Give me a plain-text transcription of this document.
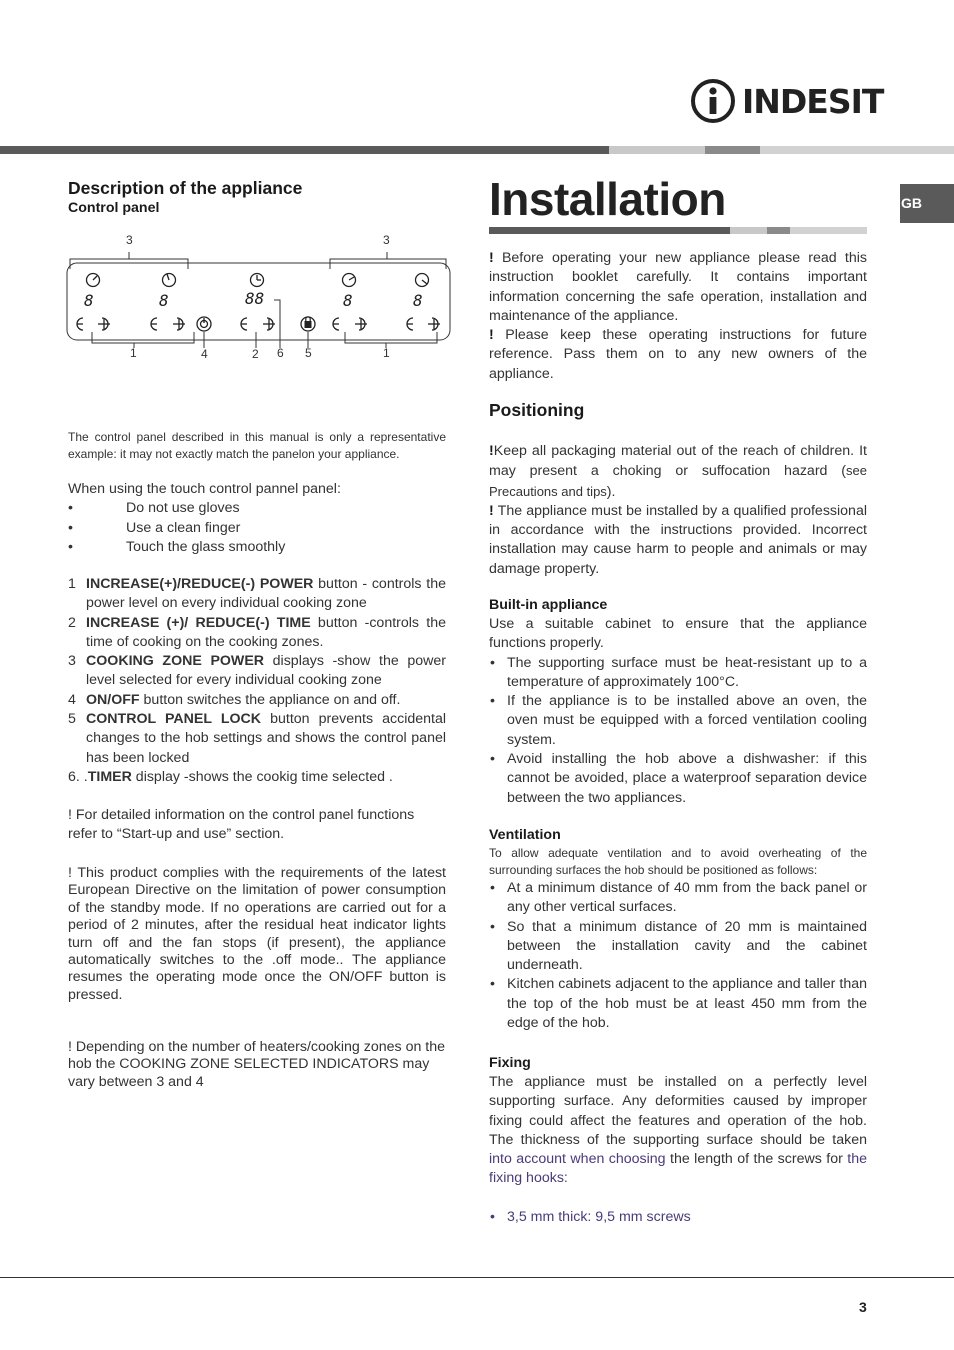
INDESIT
GB
Description of the appliance
Control panel
3	3
8	8	88	8	8
1	4	2 6 5	1
The control panel described in this manual is only a representative example: it may not exactly match the panelon your appliance.
When using the touch control pannel panel:
• Do not use gloves
• Use a clean finger
• Touch the glass smoothly
1 INCREASE(+)/REDUCE(-) POWER button - controls the power level on every individual cooking zone
2 INCREASE (+)/ REDUCE(-) TIME button -controls the time of cooking on the cooking zones.
3 COOKING ZONE POWER displays -show the power level selected for every individual cooking zone
4 ON/OFF button switches the appliance on and off.
5 CONTROL PANEL LOCK button prevents accidental changes to the hob settings and shows the control panel has been locked
6. .TIMER display -shows the cookig time selected .
! For detailed information on the control panel functions refer to “Start-up and use” section.
! This product complies with the requirements of the latest European Directive on the limitation of power consumption of the standby mode. If no operations are carried out for a period of 2 minutes, after the residual heat indicator lights turn off and the fan stops (if present), the appliance automatically switches to the .off mode.. The appliance resumes the operating mode once the ON/OFF button is pressed.
! Depending on the number of heaters/cooking zones on the hob the COOKING ZONE SELECTED INDICATORS may vary between 3 and 4
Installation
! Before operating your new appliance please read this instruction booklet carefully. It contains important information concerning the safe operation, installation and maintenance of the appliance.
! Please keep these operating instructions for future reference. Pass them on to any new owners of the appliance.
Positioning
!Keep all packaging material out of the reach of children. It may present a choking or suffocation hazard (see Precautions and tips).
! The appliance must be installed by a qualified professional in accordance with the instructions provided. Incorrect installation may cause harm to people and animals or may damage property.
Built-in appliance
Use a suitable cabinet to ensure that the appliance functions properly.
• The supporting surface must be heat-resistant up to a temperature of approximately 100°C.
• If the appliance is to be installed above an oven, the oven must be equipped with a forced ventilation cooling system.
• Avoid installing the hob above a dishwasher: if this cannot be avoided, place a waterproof separation device between the two appliances.
Ventilation
To allow adequate ventilation and to avoid overheating of the surrounding surfaces the hob should be positioned as follows:
• At a minimum distance of 40 mm from the back panel or any other vertical surfaces.
• So that a minimum distance of 20 mm is maintained between the installation cavity and the cabinet underneath.
• Kitchen cabinets adjacent to the appliance and taller than the top of the hob must be at least 450 mm from the edge of the hob.
Fixing
The appliance must be installed on a perfectly level supporting surface. Any deformities caused by improper fixing could affect the features and operation of the hob. The thickness of the supporting surface should be taken into account when choosing the length of the screws for the fixing hooks:
• 3,5 mm thick: 9,5 mm screws
3
